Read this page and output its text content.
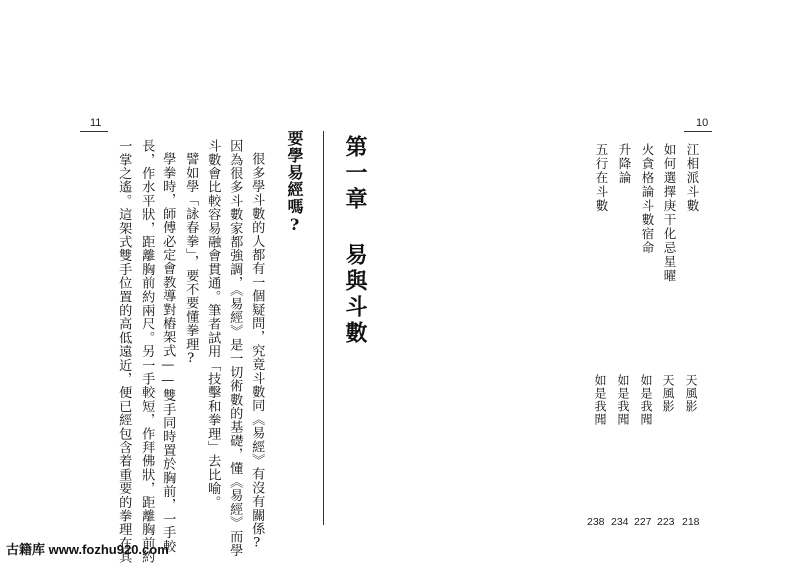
11
一掌之遙。這架式雙手位置的高低遠近，便已經包含着重要的拳理在其 長，作水平狀，距離胸前約兩尺。另一手較短，作拜佛狀，距離胸前約 學拳時，師傅必定會教導對樁架式——雙手同時置於胸前，一手較 譬如學「詠春拳」，要不要懂拳理? 斗數會比較容易融會貫通。筆者試用「技擊和拳理」去比喻。 因為很多斗數家都強調，《易經》是一切術數的基礎，懂《易經》而學 很多學斗數的人都有一個疑問，究竟斗數同《易經》有沒有關係? 要學易經嗎? 第一章 易與斗數	江相派斗數
天風影
218
如何選擇庚干化忌星曜
天風影
223
火貪格論斗數宿命
如是我聞
227
升降論
如是我聞
234
五行在斗數
如是我聞
238
10
古籍库 www.fozhu920.com
